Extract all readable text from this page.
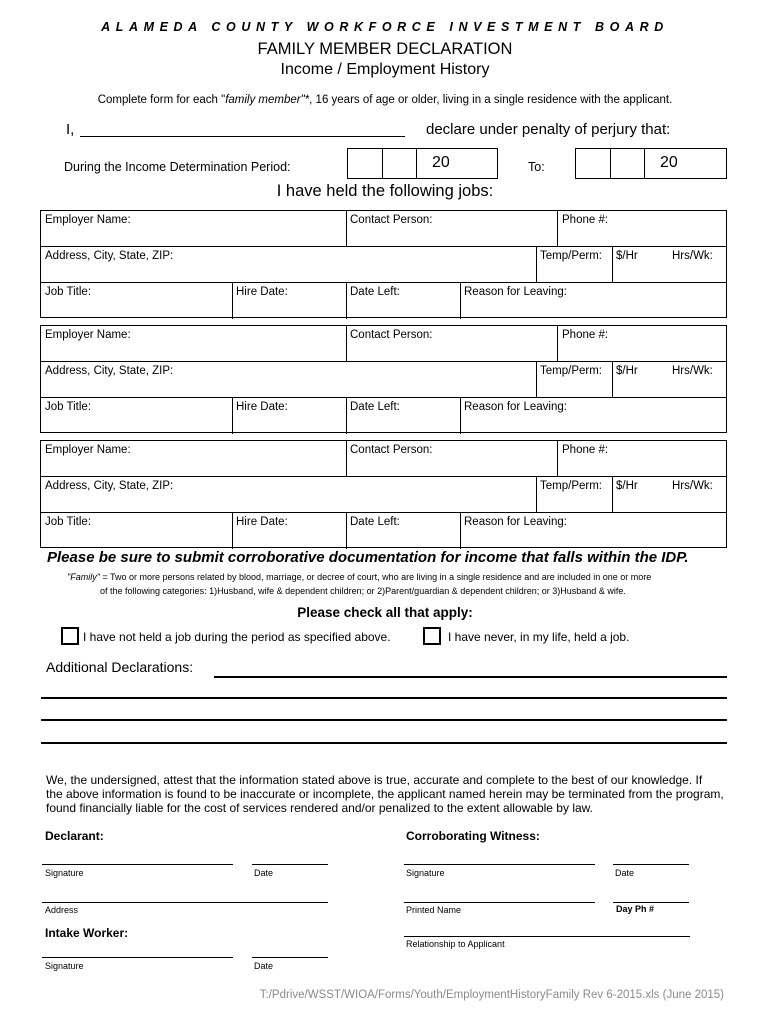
ALAMEDA COUNTY WORKFORCE INVESTMENT BOARD
FAMILY MEMBER DECLARATION
Income / Employment History
Complete form for each "family member"*, 16 years of age or older, living in a single residence with the applicant.
I,	declare under penalty of perjury that:
During the Income Determination Period:	20	To:	20
I have held the following jobs:
Employer Name:	Contact Person:	Phone #:
Address, City, State, ZIP:	Temp/Perm:	$/Hr	Hrs/Wk:
Job Title:	Hire Date:	Date Left:	Reason for Leaving:
Employer Name:	Contact Person:	Phone #:
Address, City, State, ZIP:	Temp/Perm:	$/Hr	Hrs/Wk:
Job Title:	Hire Date:	Date Left:	Reason for Leaving:
Employer Name:	Contact Person:	Phone #:
Address, City, State, ZIP:	Temp/Perm:	$/Hr	Hrs/Wk:
Job Title:	Hire Date:	Date Left:	Reason for Leaving:
Please be sure to submit corroborative documentation for income that falls within the IDP.
"Family" = Two or more persons related by blood, marriage, or decree of court, who are living in a single residence and are included in one or more
of the following categories: 1)Husband, wife & dependent children; or 2)Parent/guardian & dependent children; or 3)Husband & wife.
Please check all that apply:
I have not held a job during the period as specified above.	I have never, in my life, held a job.
Additional Declarations:
We, the undersigned, attest that the information stated above is true, accurate and complete to the best of our knowledge. If
the above information is found to be inaccurate or incomplete, the applicant named herein may be terminated from the program,
found financially liable for the cost of services rendered and/or penalized to the extent allowable by law.
Declarant:	Corroborating Witness:
Signature	Date	Signature	Date
Address	Printed Name	Day Ph #
Intake Worker:
Relationship to Applicant
Signature	Date
T:/Pdrive/WSST/WIOA/Forms/Youth/EmploymentHistoryFamily Rev 6-2015.xls (June 2015)
